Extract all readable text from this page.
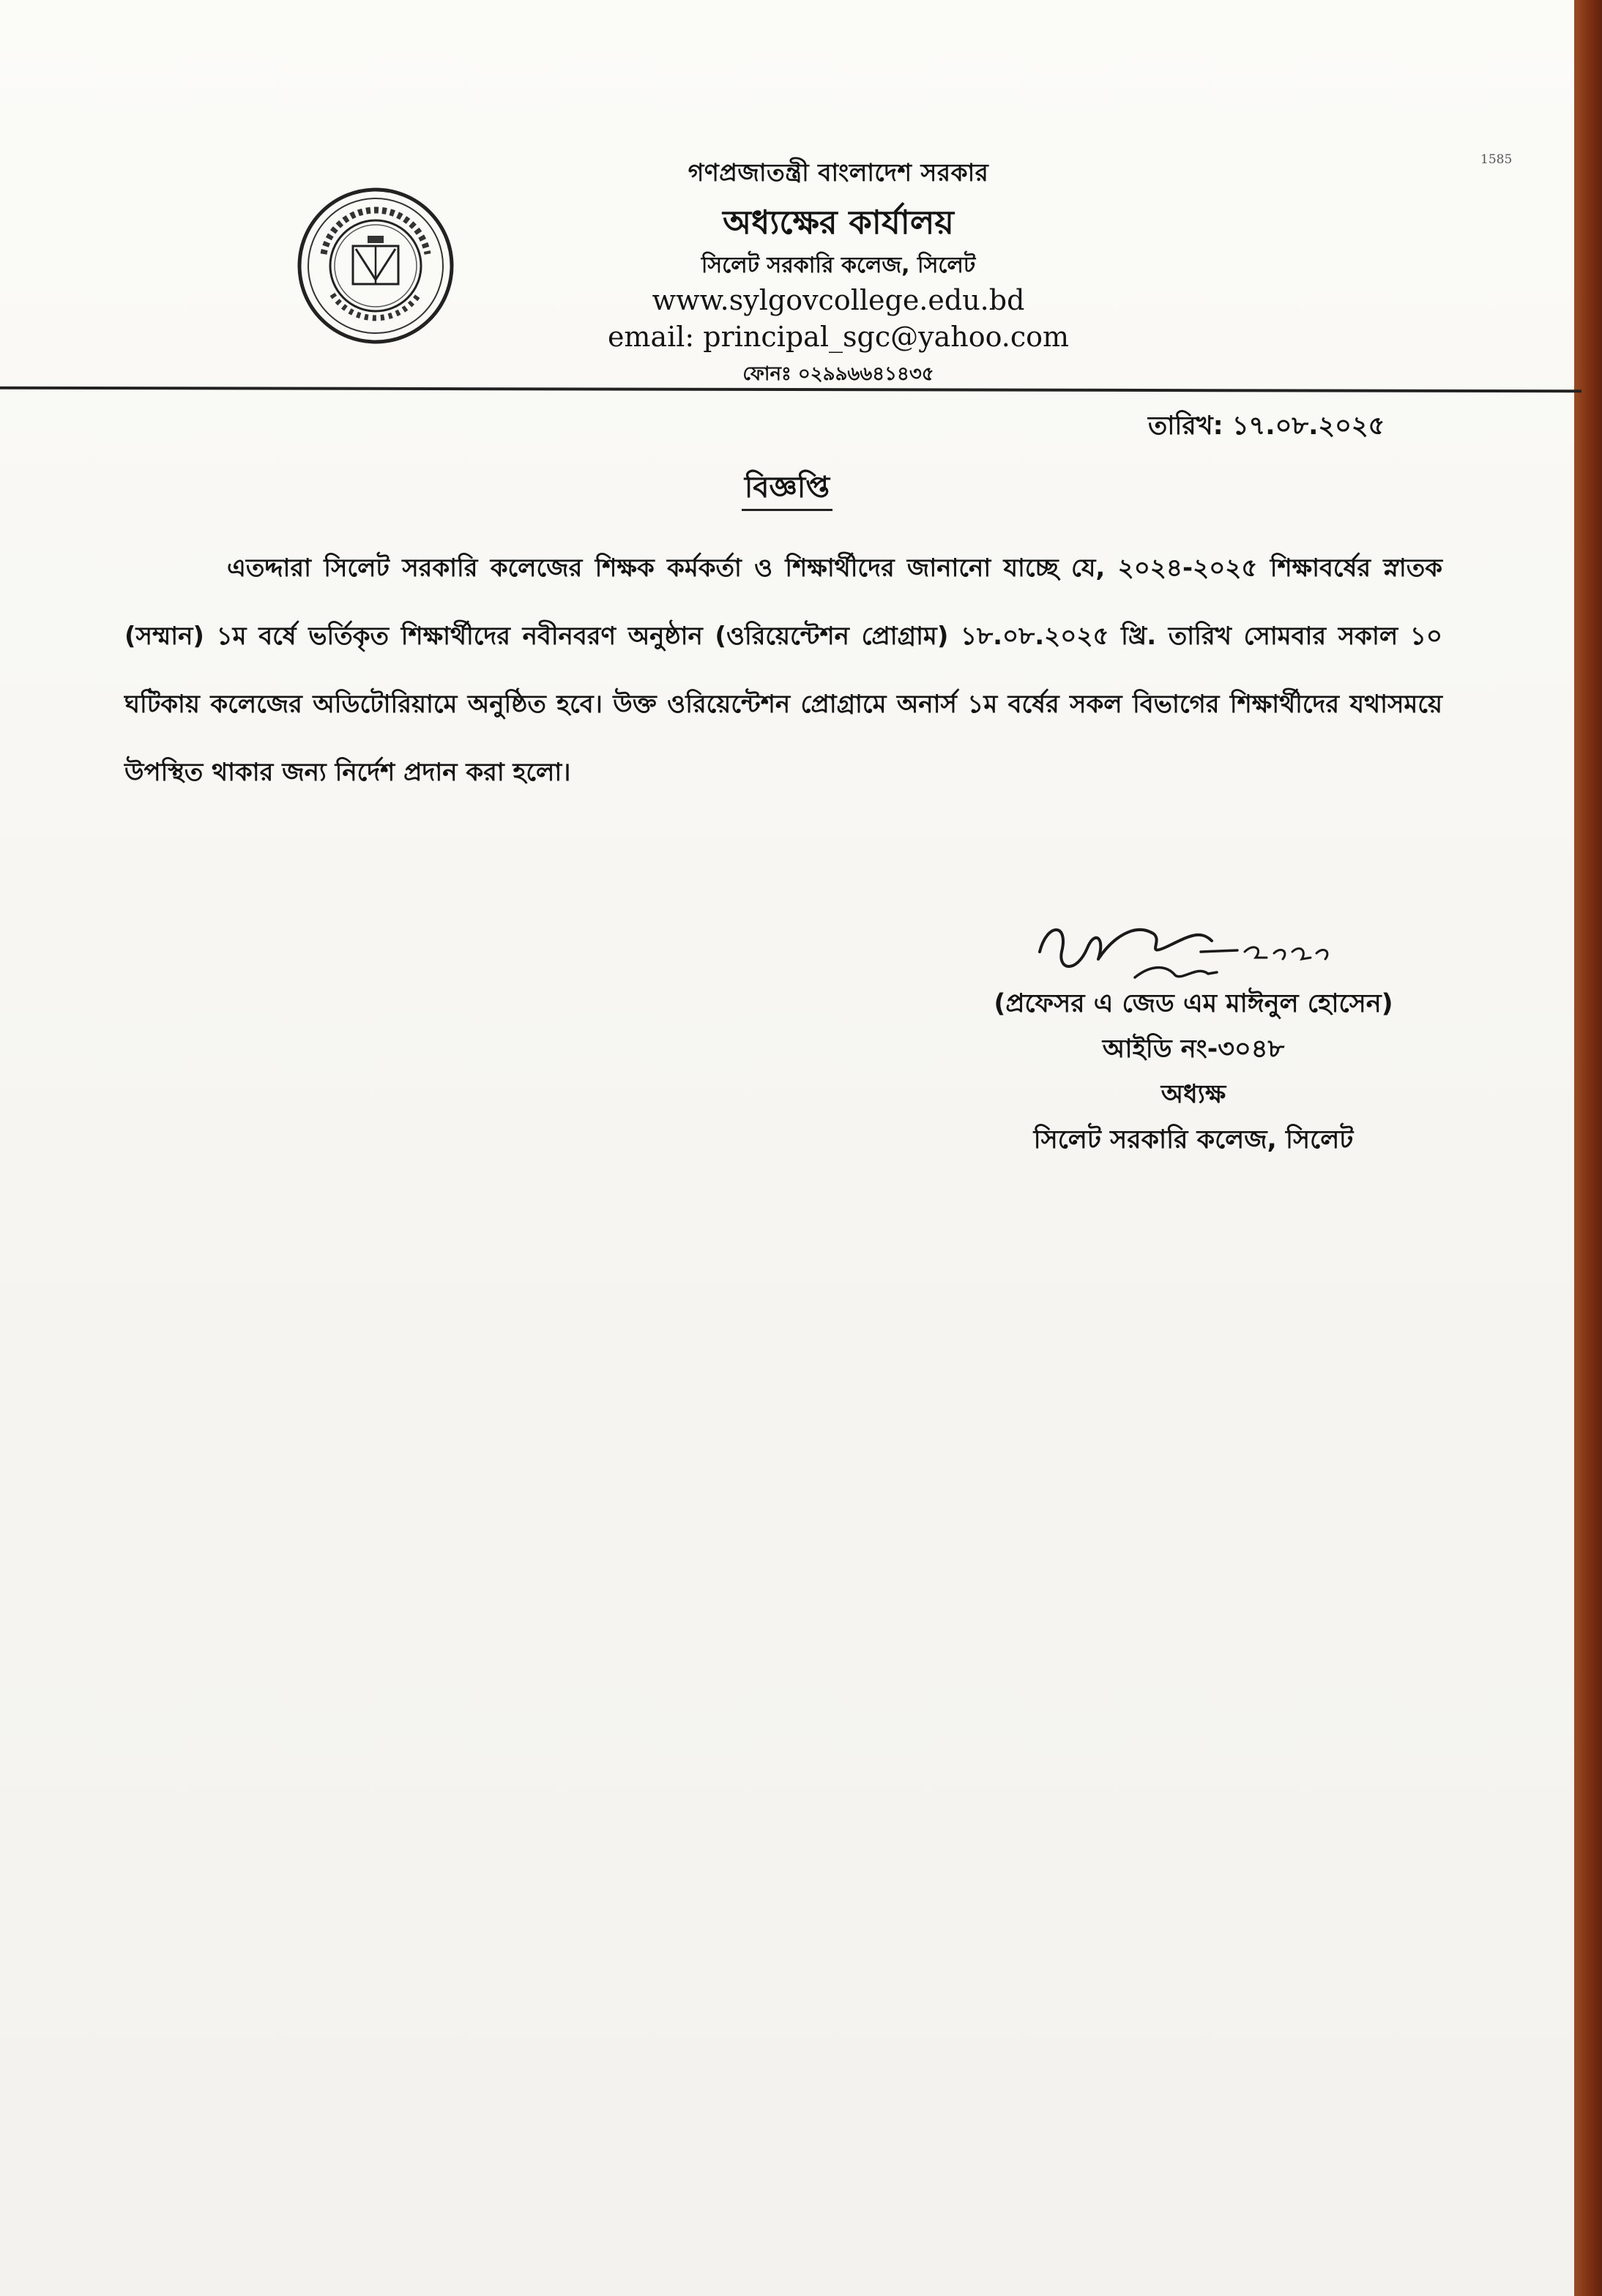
1585
গণপ্রজাতন্ত্রী বাংলাদেশ সরকার
অধ্যক্ষের কার্যালয়
সিলেট সরকারি কলেজ, সিলেট
www.sylgovcollege.edu.bd
email: principal_sgc@yahoo.com
ফোনঃ ০২৯৯৬৬৪১৪৩৫
তারিখ: ১৭.০৮.২০২৫
বিজ্ঞপ্তি
এতদ্দারা সিলেট সরকারি কলেজের শিক্ষক কর্মকর্তা ও শিক্ষার্থীদের জানানো যাচ্ছে যে, ২০২৪-২০২৫ শিক্ষাবর্ষের স্নাতক (সম্মান) ১ম বর্ষে ভর্তিকৃত শিক্ষার্থীদের নবীনবরণ অনুষ্ঠান (ওরিয়েন্টেশন প্রোগ্রাম) ১৮.০৮.২০২৫ খ্রি. তারিখ সোমবার সকাল ১০ ঘটিকায় কলেজের অডিটোরিয়ামে অনুষ্ঠিত হবে। উক্ত ওরিয়েন্টেশন প্রোগ্রামে অনার্স ১ম বর্ষের সকল বিভাগের শিক্ষার্থীদের যথাসময়ে উপস্থিত থাকার জন্য নির্দেশ প্রদান করা হলো।
(প্রফেসর এ জেড এম মাঈনুল হোসেন)
আইডি নং-৩০৪৮
অধ্যক্ষ
সিলেট সরকারি কলেজ, সিলেট
